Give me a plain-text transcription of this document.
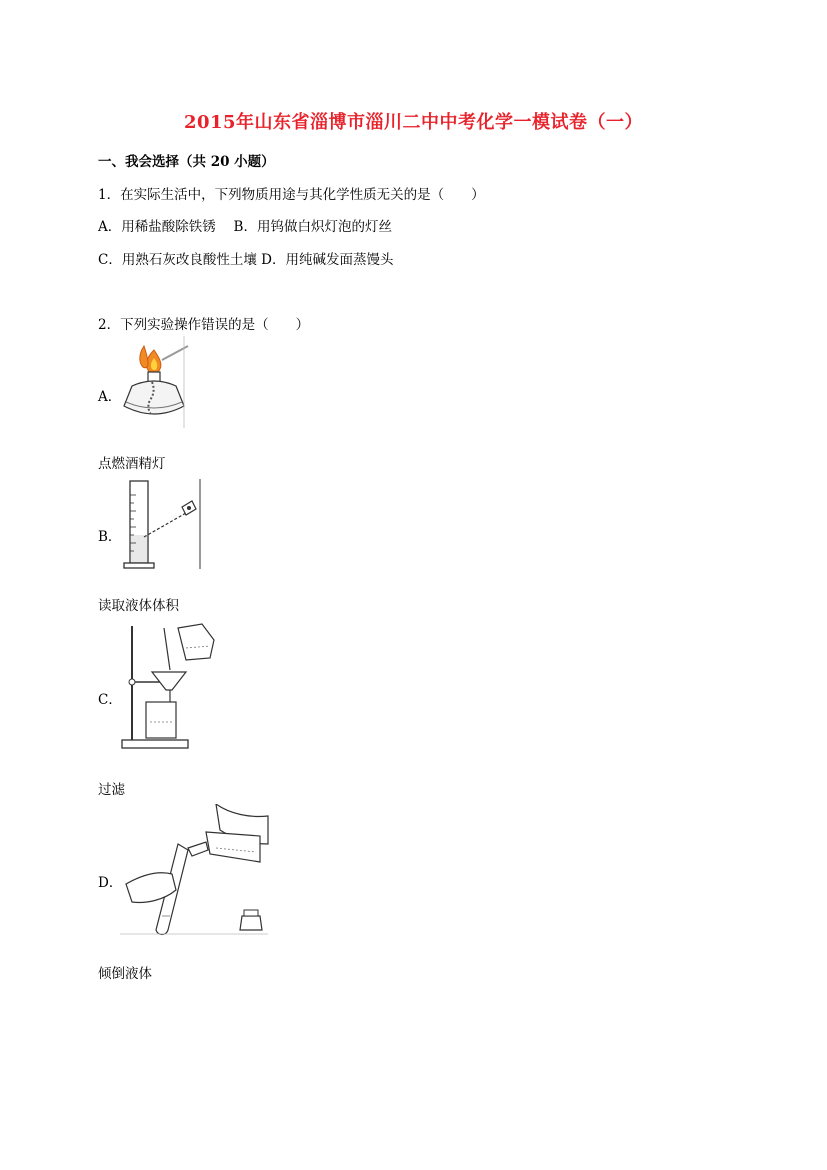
2015年山东省淄博市淄川二中中考化学一模试卷（一）
一、我会选择（共 20 小题）
1．在实际生活中，下列物质用途与其化学性质无关的是（　　）
A．用稀盐酸除铁锈　 B．用钨做白炽灯泡的灯丝
C．用熟石灰改良酸性土壤 D．用纯碱发面蒸馒头
2．下列实验操作错误的是（　　）
A．
点燃酒精灯
B．
读取液体体积
C．
过滤
D．
倾倒液体
